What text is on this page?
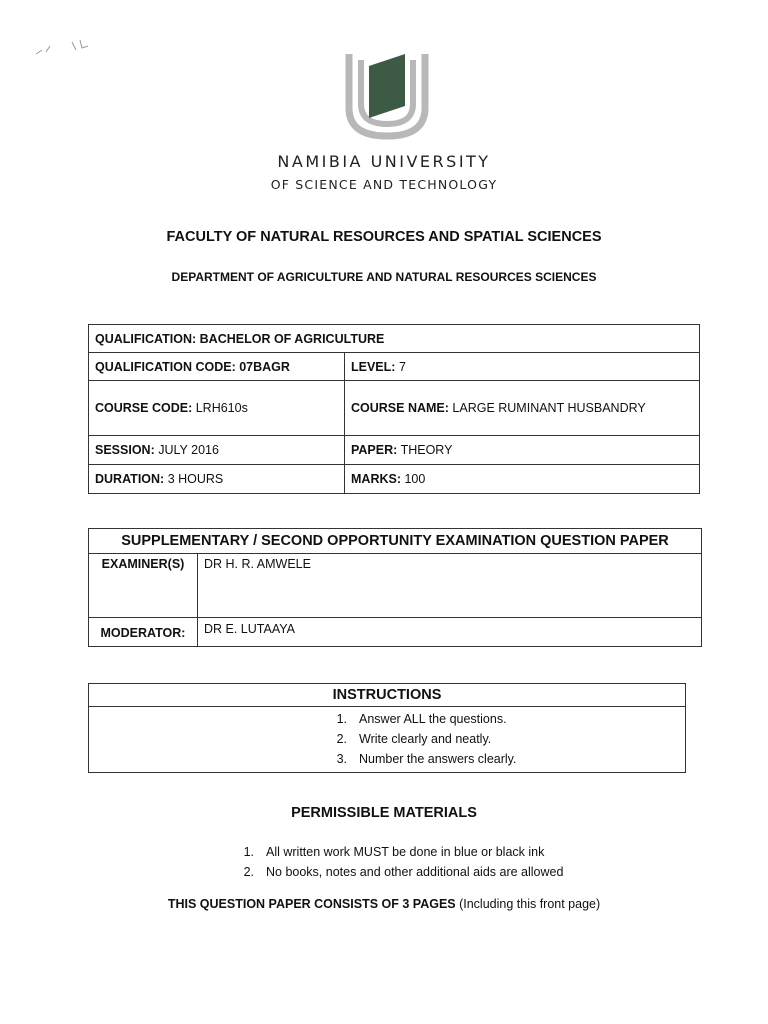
NAMIBIA UNIVERSITY
OF SCIENCE AND TECHNOLOGY
FACULTY OF NATURAL RESOURCES AND SPATIAL SCIENCES
DEPARTMENT OF AGRICULTURE AND NATURAL RESOURCES SCIENCES
QUALIFICATION: BACHELOR OF AGRICULTURE	
QUALIFICATION CODE: 07BAGR	LEVEL: 7
COURSE CODE: LRH610s	COURSE NAME: LARGE RUMINANT HUSBANDRY
SESSION: JULY 2016	PAPER: THEORY
DURATION: 3 HOURS	MARKS: 100
SUPPLEMENTARY / SECOND OPPORTUNITY EXAMINATION QUESTION PAPER	
EXAMINER(S)	DR H. R. AMWELE
MODERATOR:	DR E. LUTAAYA
INSTRUCTIONS

1. Answer ALL the questions.
2. Write clearly and neatly.
3. Number the answers clearly.
PERMISSIBLE MATERIALS
1. All written work MUST be done in blue or black ink
2. No books, notes and other additional aids are allowed
THIS QUESTION PAPER CONSISTS OF 3 PAGES (Including this front page)
